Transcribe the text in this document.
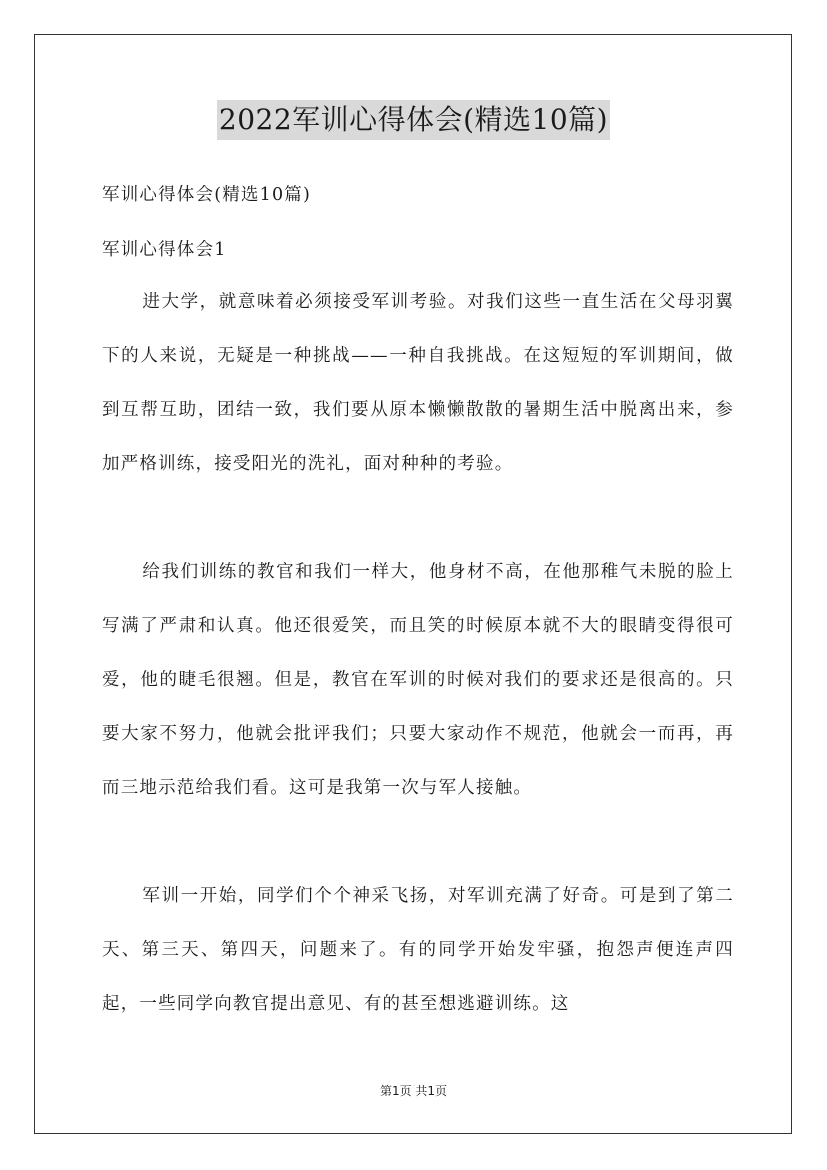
2022军训心得体会(精选10篇)
军训心得体会(精选10篇)
军训心得体会1
进大学，就意味着必须接受军训考验。对我们这些一直生活在父母羽翼下的人来说，无疑是一种挑战——一种自我挑战。在这短短的军训期间，做到互帮互助，团结一致，我们要从原本懒懒散散的暑期生活中脱离出来，参加严格训练，接受阳光的洗礼，面对种种的考验。
给我们训练的教官和我们一样大，他身材不高，在他那稚气未脱的脸上写满了严肃和认真。他还很爱笑，而且笑的时候原本就不大的眼睛变得很可爱，他的睫毛很翘。但是，教官在军训的时候对我们的要求还是很高的。只要大家不努力，他就会批评我们；只要大家动作不规范，他就会一而再，再而三地示范给我们看。这可是我第一次与军人接触。
军训一开始，同学们个个神采飞扬，对军训充满了好奇。可是到了第二天、第三天、第四天，问题来了。有的同学开始发牢骚，抱怨声便连声四起，一些同学向教官提出意见、有的甚至想逃避训练。这
第1页 共1页
